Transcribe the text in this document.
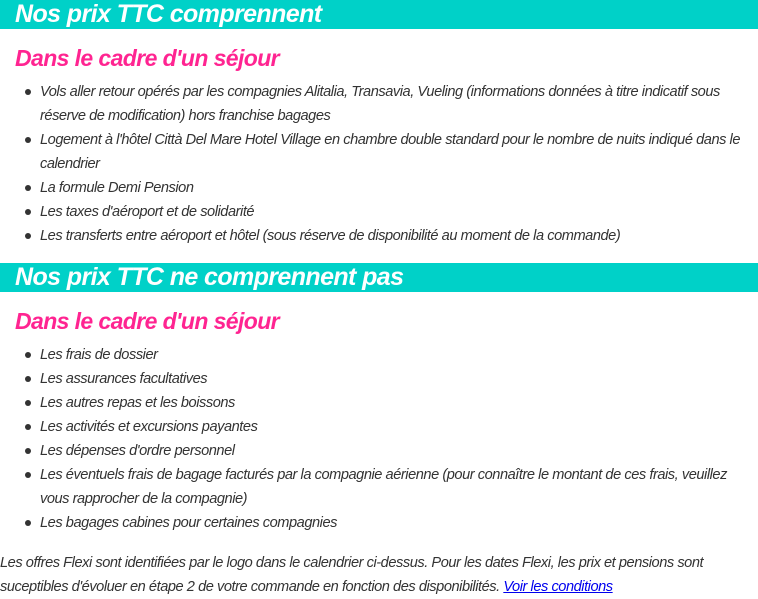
Nos prix TTC comprennent
Dans le cadre d'un séjour
Vols aller retour opérés par les compagnies Alitalia, Transavia, Vueling (informations données à titre indicatif sous réserve de modification) hors franchise bagages
Logement à l'hôtel Città Del Mare Hotel Village en chambre double standard pour le nombre de nuits indiqué dans le calendrier
La formule Demi Pension
Les taxes d'aéroport et de solidarité
Les transferts entre aéroport et hôtel (sous réserve de disponibilité au moment de la commande)
Nos prix TTC ne comprennent pas
Dans le cadre d'un séjour
Les frais de dossier
Les assurances facultatives
Les autres repas et les boissons
Les activités et excursions payantes
Les dépenses d'ordre personnel
Les éventuels frais de bagage facturés par la compagnie aérienne (pour connaître le montant de ces frais, veuillez vous rapprocher de la compagnie)
Les bagages cabines pour certaines compagnies
Les offres Flexi sont identifiées par le logo dans le calendrier ci-dessus. Pour les dates Flexi, les prix et pensions sont suceptibles d'évoluer en étape 2 de votre commande en fonction des disponibilités. Voir les conditions
